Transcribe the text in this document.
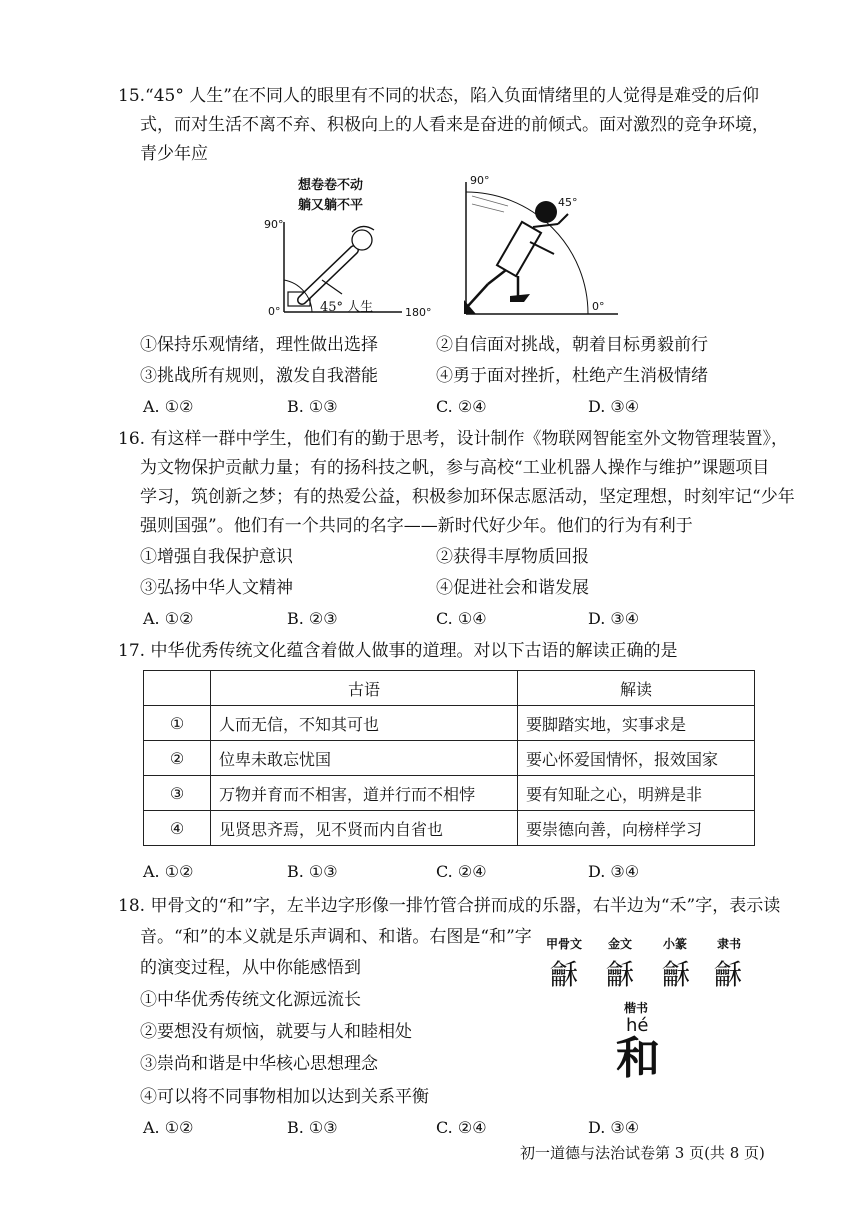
15.“45° 人生”在不同人的眼里有不同的状态，陷入负面情绪里的人觉得是难受的后仰
式，而对生活不离不弃、积极向上的人看来是奋进的前倾式。面对激烈的竞争环境，
青少年应
想卷卷不动
躺又躺不平
90°
0°	45° 人生	180°
90°
45°
0°
①保持乐观情绪，理性做出选择	②自信面对挑战，朝着目标勇毅前行
③挑战所有规则，激发自我潜能	④勇于面对挫折，杜绝产生消极情绪
A. ①②	B. ①③	C. ②④	D. ③④
16. 有这样一群中学生，他们有的勤于思考，设计制作《物联网智能室外文物管理装置》，
为文物保护贡献力量；有的扬科技之帆，参与高校“工业机器人操作与维护”课题项目
学习，筑创新之梦；有的热爱公益，积极参加环保志愿活动，坚定理想，时刻牢记“少年
强则国强”。他们有一个共同的名字——新时代好少年。他们的行为有利于
①增强自我保护意识	②获得丰厚物质回报
③弘扬中华人文精神	④促进社会和谐发展
A. ①②	B. ②③	C. ①④	D. ③④
17. 中华优秀传统文化蕴含着做人做事的道理。对以下古语的解读正确的是
	古语	解读
①	人而无信，不知其可也	要脚踏实地，实事求是
②	位卑未敢忘忧国	要心怀爱国情怀，报效国家
③	万物并育而不相害，道并行而不相悖	要有知耻之心，明辨是非
④	见贤思齐焉，见不贤而内自省也	要崇德向善，向榜样学习
A. ①②	B. ①③	C. ②④	D. ③④
18. 甲骨文的“和”字，左半边字形像一排竹管合拼而成的乐器，右半边为“禾”字，表示读
音。“和”的本义就是乐声调和、和谐。右图是“和”字
的演变过程，从中你能感悟到
①中华优秀传统文化源远流长
②要想没有烦恼，就要与人和睦相处
③崇尚和谐是中华核心思想理念
④可以将不同事物相加以达到关系平衡
A. ①②	B. ①③	C. ②④	D. ③④
甲骨文 金文	小篆 隶书
龢 龢 龢 龢
楷书
hé
和
初一道德与法治试卷第 3 页(共 8 页)
